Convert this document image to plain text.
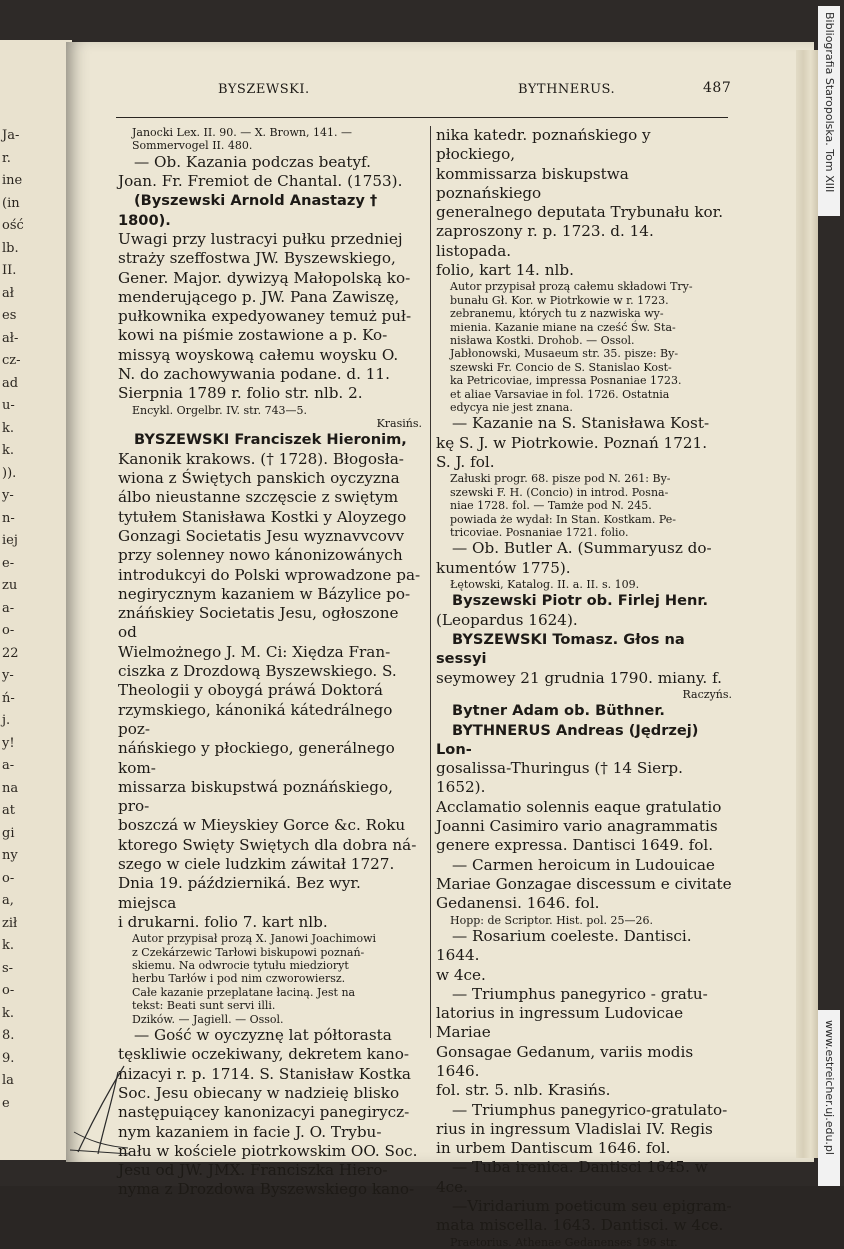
Ja-
r.
ine
(in
ość
lb.
II.
ał
es
ał-
cz-
ad
u-
k.
k.
)).
y-
n-
iej
e-
zu
a-
o-
22
y-
ń-
j.
y!
a-
na
at
gi
ny
o-
a,
ził
k.
s-
o-
k.
8.
9.
la
e
BYSZEWSKI.	BYTHNERUS.	487

Janocki Lex. II. 90. — X. Brown, 141. —

Sommervogel II. 480.

— Ob. Kazania podczas beatyf.

Joan. Fr. Fremiot de Chantal. (1753).

(Byszewski Arnold Anastazy † 1800).

Uwagi przy lustracyi pułku przedniej

straży szeffostwa JW. Byszewskiego,

Gener. Major. dywizyą Małopolską ko-

menderującego p. JW. Pana Zawiszę,

pułkownika expedyowaney temuż puł-

kowi na piśmie zostawione a p. Ko-

missyą woyskową całemu woysku O.

N. do zachowywania podane. d. 11.

Sierpnia 1789 r. folio str. nlb. 2.

Encykl. Orgelbr. IV. str. 743—5.

Krasińs.

BYSZEWSKI Franciszek Hieronim,

Kanonik krakows. († 1728). Błogosła-

wiona z Świętych panskich oyczyzna

álbo nieustanne szczęscie z swiętym

tytułem Stanisława Kostki y Aloyzego

Gonzagi Societatis Jesu wyznavvcovv

przy solenney nowo kánonizowánych

introdukcyi do Polski wprowadzone pa-

negirycznym kazaniem w Bázylice po-

znáńskiey Societatis Jesu, ogłoszone od

Wielmożnego J. M. Ci: Xiędza Fran-

ciszka z Drozdową Byszewskiego. S.

Theologii y oboygá práwá Doktorá

rzymskiego, kánoniká kátedrálnego poz-

náńskiego y płockiego, generálnego kom-

missarza biskupstwá poznáńskiego, pro-

boszczá w Mieyskiey Gorce &c. Roku

ktorego Swięty Swiętych dla dobra ná-

szego w ciele ludzkim záwitał 1727.

Dnia 19. páździerniká. Bez wyr. miejsca

i drukarni. folio 7. kart nlb.

Autor przypisał prozą X. Janowi Joachimowi

z Czekárzewic Tarłowi biskupowi poznań-

skiemu. Na odwrocie tytułu miedzioryt

herbu Tarłów i pod nim czworowiersz.

Całe kazanie przeplatane łaciną. Jest na

tekst: Beati sunt servi illi.

Dzików. — Jagiell. — Ossol.

— Gość w oyczyznę lat półtorasta

tęskliwie oczekiwany, dekretem kano-

nizacyi r. p. 1714. S. Stanisław Kostka

Soc. Jesu obiecany w nadzieię blisko

następuiącey kanonizacyi panegirycz-

nym kazaniem in facie J. O. Trybu-

nału w kościele piotrkowskim OO. Soc.

Jesu od JW. JMX. Franciszka Hiero-

nyma z Drozdowa Byszewskiego kano-

nika katedr. poznańskiego y płockiego,

kommissarza biskupstwa poznańskiego

generalnego deputata Trybunału kor.

zaproszony r. p. 1723. d. 14. listopada.

folio, kart 14. nlb.

Autor przypisał prozą całemu składowi Try-

bunału Gł. Kor. w Piotrkowie w r. 1723.

zebranemu, których tu z nazwiska wy-

mienia. Kazanie miane na cześć Św. Sta-

nisława Kostki. Drohob. — Ossol.

Jabłonowski, Musaeum str. 35. pisze: By-

szewski Fr. Concio de S. Stanislao Kost-

ka Petricoviae, impressa Posnaniae 1723.

et aliae Varsaviae in fol. 1726. Ostatnia

edycya nie jest znana.

— Kazanie na S. Stanisława Kost-

kę S. J. w Piotrkowie. Poznań 1721.

S. J. fol.

Załuski progr. 68. pisze pod N. 261: By-

szewski F. H. (Concio) in introd. Posna-

niae 1728. fol. — Tamże pod N. 245.

powiada że wydał: In Stan. Kostkam. Pe-

tricoviae. Posnaniae 1721. folio.

— Ob. Butler A. (Summaryusz do-

kumentów 1775).

Łętowski, Katalog. II. a. II. s. 109.

Byszewski Piotr ob. Firlej Henr.

(Leopardus 1624).

BYSZEWSKI Tomasz. Głos na sessyi

seymowey 21 grudnia 1790. miany. f.

Raczyńs.

Bytner Adam ob. Büthner.

BYTHNERUS Andreas (Jędrzej) Lon-

gosalissa-Thuringus († 14 Sierp. 1652).

Acclamatio solennis eaque gratulatio

Joanni Casimiro vario anagrammatis

genere expressa. Dantisci 1649. fol.

— Carmen heroicum in Ludouicae

Mariae Gonzagae discessum e civitate

Gedanensi. 1646. fol.

Hopp: de Scriptor. Hist. pol. 25—26.

— Rosarium coeleste. Dantisci. 1644.

w 4ce.

— Triumphus panegyrico - gratu-

latorius in ingressum Ludovicae Mariae

Gonsagae Gedanum, variis modis 1646.

fol. str. 5. nlb. Krasińs.

— Triumphus panegyrico-gratulato-

rius in ingressum Vladislai IV. Regis

in urbem Dantiscum 1646. fol.

— Tuba irenica. Dantisci 1645. w

4ce.

—Viridarium poeticum seu epigram-

mata miscella. 1643. Dantisci. w 4ce.

Praetorius. Athenae Gedanenses 196 str.

Bibliografia Staropolska. Tom XIII
www.estreicher.uj.edu.pl
